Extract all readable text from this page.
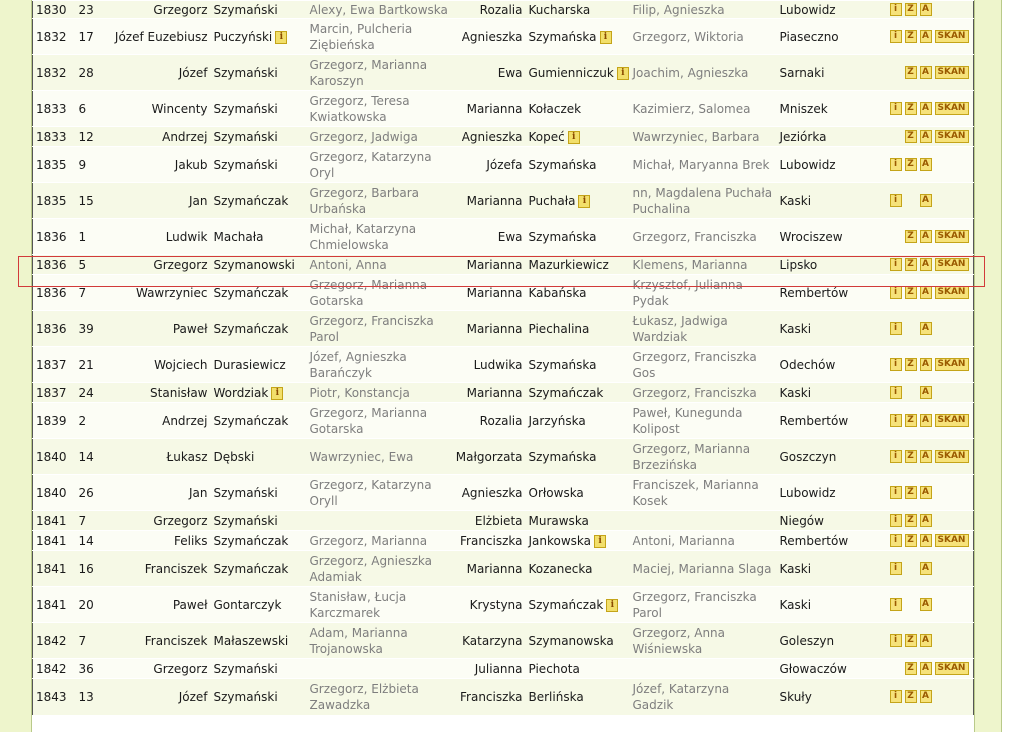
1830	23	Grzegorz	Szymański	Alexy, Ewa Bartkowska	Rozalia	Kucharska	Filip, Agnieszka	Lubowidz	i Z A
1832	17	Józef Euzebiusz	Puczyński i	Marcin, Pulcheria Ziębieńska	Agnieszka	Szymańska i	Grzegorz, Wiktoria	Piaseczno	i Z A SKAN
1832	28	Józef	Szymański	Grzegorz, Marianna Karoszyn	Ewa	Gumienniczuk i	Joachim, Agnieszka	Sarnaki	Z A SKAN
1833	6	Wincenty	Szymański	Grzegorz, Teresa Kwiatkowska	Marianna	Kołaczek	Kazimierz, Salomea	Mniszek	i Z A SKAN
1833	12	Andrzej	Szymański	Grzegorz, Jadwiga	Agnieszka	Kopeć i	Wawrzyniec, Barbara	Jeziórka	Z A SKAN
1835	9	Jakub	Szymański	Grzegorz, Katarzyna Oryl	Józefa	Szymańska	Michał, Maryanna Brek	Lubowidz	i Z A
1835	15	Jan	Szymańczak	Grzegorz, Barbara Urbańska	Marianna	Puchała i	nn, Magdalena Puchała Puchalina	Kaski	i A
1836	1	Ludwik	Machała	Michał, Katarzyna Chmielowska	Ewa	Szymańska	Grzegorz, Franciszka	Wrociszew	Z A SKAN
1836	5	Grzegorz	Szymanowski	Antoni, Anna	Marianna	Mazurkiewicz	Klemens, Marianna	Lipsko	i Z A SKAN
1836	7	Wawrzyniec	Szymańczak	Grzegorz, Marianna Gotarska	Marianna	Kabańska	Krzysztof, Julianna Pydak	Rembertów	i Z A SKAN
1836	39	Paweł	Szymańczak	Grzegorz, Franciszka Parol	Marianna	Piechalina	Łukasz, Jadwiga Wardziak	Kaski	i A
1837	21	Wojciech	Durasiewicz	Józef, Agnieszka Barańczyk	Ludwika	Szymańska	Grzegorz, Franciszka Gos	Odechów	i Z A SKAN
1837	24	Stanisław	Wordziak i	Piotr, Konstancja	Marianna	Szymańczak	Grzegorz, Franciszka	Kaski	i A
1839	2	Andrzej	Szymańczak	Grzegorz, Marianna Gotarska	Rozalia	Jarzyńska	Paweł, Kunegunda Kolipost	Rembertów	i Z A SKAN
1840	14	Łukasz	Dębski	Wawrzyniec, Ewa	Małgorzata	Szymańska	Grzegorz, Marianna Brzezińska	Goszczyn	i Z A SKAN
1840	26	Jan	Szymański	Grzegorz, Katarzyna Oryll	Agnieszka	Orłowska	Franciszek, Marianna Kosek	Lubowidz	i Z A
1841	7	Grzegorz	Szymański		Elżbieta	Murawska		Niegów	i Z A
1841	14	Feliks	Szymańczak	Grzegorz, Marianna	Franciszka	Jankowska i	Antoni, Marianna	Rembertów	i Z A SKAN
1841	16	Franciszek	Szymańczak	Grzegorz, Agnieszka Adamiak	Marianna	Kozanecka	Maciej, Marianna Slaga	Kaski	i A
1841	20	Paweł	Gontarczyk	Stanisław, Łucja Karczmarek	Krystyna	Szymańczak i	Grzegorz, Franciszka Parol	Kaski	i A
1842	7	Franciszek	Małaszewski	Adam, Marianna Trojanowska	Katarzyna	Szymanowska	Grzegorz, Anna Wiśniewska	Goleszyn	i Z A
1842	36	Grzegorz	Szymański		Julianna	Piechota		Głowaczów	Z A SKAN
1843	13	Józef	Szymański	Grzegorz, Elżbieta Zawadzka	Franciszka	Berlińska	Józef, Katarzyna Gadzik	Skuły	i Z A
